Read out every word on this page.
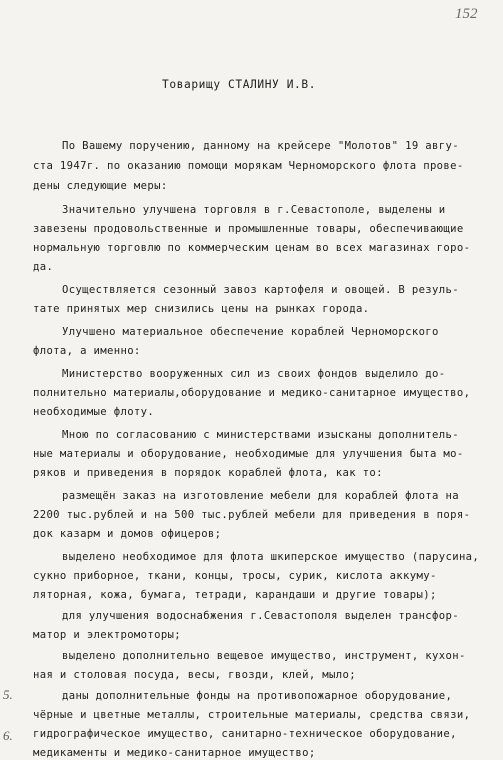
152
Товарищу СТАЛИНУ И.В.
По Вашему поручению, данному на крейсере "Молотов" 19 авгу-
ста 1947г. по оказанию помощи морякам Черноморского флота прове-
дены следующие меры:
Значительно улучшена торговля в г.Севастополе, выделены и
завезены продовольственные и промышленные товары, обеспечивающие
нормальную торговлю по коммерческим ценам во всех магазинах горо-
да.
Осуществляется сезонный завоз картофеля и овощей. В резуль-
тате принятых мер снизились цены на рынках города.
Улучшено материальное обеспечение кораблей Черноморского
флота, а именно:
Министерство вооруженных сил из своих фондов выделило до-
полнительно материалы,оборудование и медико-санитарное имущество,
необходимые флоту.
Мною по согласованию с министерствами изысканы дополнитель-
ные материалы и оборудование, необходимые для улучшения быта мо-
ряков и приведения в порядок кораблей флота, как то:
размещён заказ на изготовление мебели для кораблей флота на
2200 тыс.рублей и на 500 тыс.рублей мебели для приведения в поря-
док казарм и домов офицеров;
выделено необходимое для флота шкиперское имущество (парусина,
сукно приборное, ткани, концы, тросы, сурик, кислота аккуму-
ляторная, кожа, бумага, тетради, карандаши и другие товары);
для улучшения водоснабжения г.Севастополя выделен трансфор-
матор и электромоторы;
5.
6.
выделено дополнительно вещевое имущество, инструмент, кухон-
ная и столовая посуда, весы, гвозди, клей, мыло;
даны дополнительные фонды на противопожарное оборудование,
чёрные и цветные металлы, строительные материалы, средства связи,
гидрографическое имущество, санитарно-техническое оборудование,
медикаменты и медико-санитарное имущество;
